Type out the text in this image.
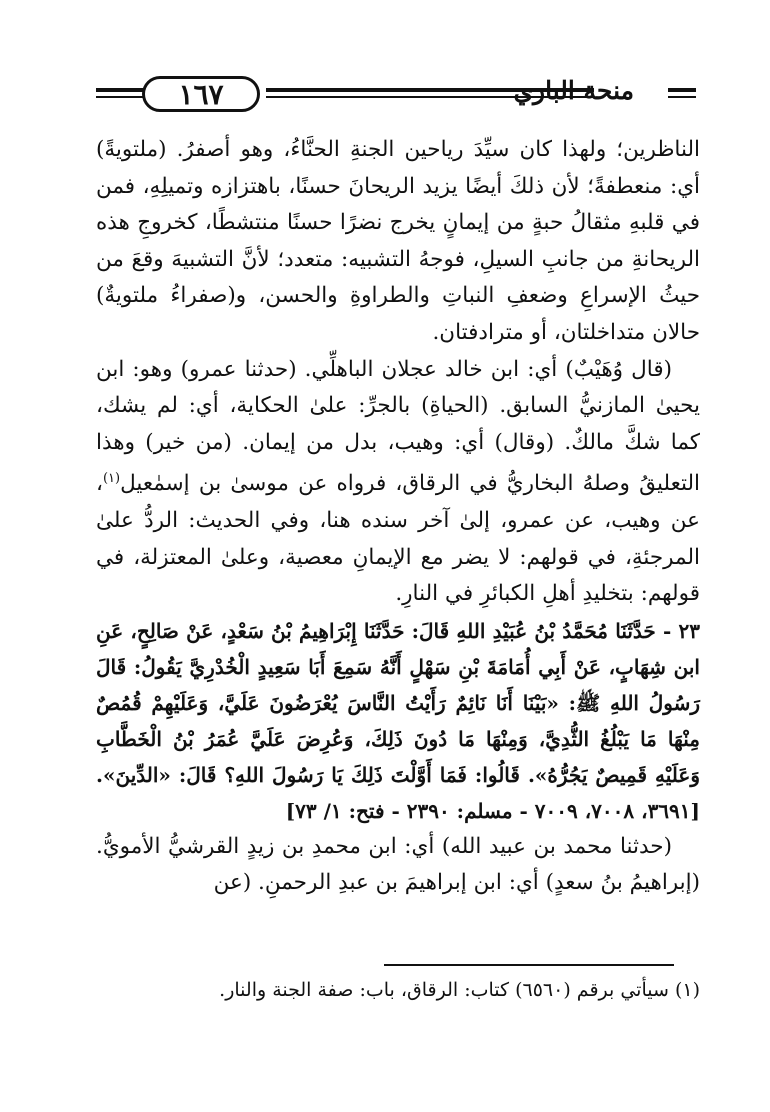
١٦٧	منحة الباري

الناظرين؛ ولهذا كان سيِّدَ رياحين الجنةِ الحنَّاءُ، وهو أصفرُ. (ملتويةً) أي: منعطفةً؛ لأن ذلكَ أيضًا يزيد الريحانَ حسنًا، باهتزازه وتميلِهِ، فمن في قلبهِ مثقالُ حبةٍ من إيمانٍ يخرج نضرًا حسنًا منتشطًا، كخروجِ هذه الريحانةِ من جانبِ السيلِ، فوجهُ التشبيه: متعدد؛ لأنَّ التشبيهَ وقعَ من حيثُ الإسراعِ وضعفِ النباتِ والطراوةِ والحسن، و(صفراءُ ملتويةٌ) حالان متداخلتان، أو مترادفتان.

(قال وُهَيْبٌ) أي: ابن خالد عجلان الباهلِّي. (حدثنا عمرو) وهو: ابن يحيىٰ المازنيُّ السابق. (الحياةِ) بالجرِّ: علىٰ الحكاية، أي: لم يشك، كما شكَّ مالكٌ. (وقال) أي: وهيب، بدل من إيمان. (من خير) وهذا التعليقُ وصلهُ البخاريُّ في الرقاق، فرواه عن موسىٰ بن إسمٰعيل$^{(١)}$، عن وهيب، عن عمرو، إلىٰ آخر سنده هنا، وفي الحديث: الردُّ علىٰ المرجئةِ، في قولهم: لا يضر مع الإيمانِ معصية، وعلىٰ المعتزلة، في قولهم: بتخليدِ أهلِ الكبائرِ في النارِ.

٢٣ - حَدَّثَنَا مُحَمَّدُ بْنُ عُبَيْدِ اللهِ قَالَ: حَدَّثَنَا إِبْرَاهِيمُ بْنُ سَعْدٍ، عَنْ صَالِحٍ، عَنِ ابن شِهَابٍ، عَنْ أَبِي أُمَامَةَ بْنِ سَهْلٍ أَنَّهُ سَمِعَ أَبَا سَعِيدٍ الْخُدْرِيَّ يَقُولُ: قَالَ رَسُولُ اللهِ ﷺ: «بَيْنَا أَنَا نَائِمٌ رَأَيْتُ النَّاسَ يُعْرَضُونَ عَلَيَّ، وَعَلَيْهِمْ قُمُصٌ مِنْهَا مَا يَبْلُغُ الثُّدِيَّ، وَمِنْهَا مَا دُونَ ذَلِكَ، وَعُرِضَ عَلَيَّ عُمَرُ بْنُ الْخَطَّابِ وَعَلَيْهِ قَمِيصٌ يَجُرُّهُ». قَالُوا: فَمَا أَوَّلْتَ ذَلِكَ يَا رَسُولَ اللهِ؟ قَالَ: «الدِّينَ». [٣٦٩١، ٧٠٠٨، ٧٠٠٩ - مسلم: ٢٣٩٠ - فتح: ١/ ٧٣]

(حدثنا محمد بن عبيد الله) أي: ابن محمدِ بن زيدٍ القرشيُّ الأمويُّ. (إبراهيمُ بنُ سعدٍ) أي: ابن إبراهيمَ بن عبدِ الرحمنِ. (عن

(١) سيأتي برقم (٦٥٦٠) كتاب: الرقاق، باب: صفة الجنة والنار.
